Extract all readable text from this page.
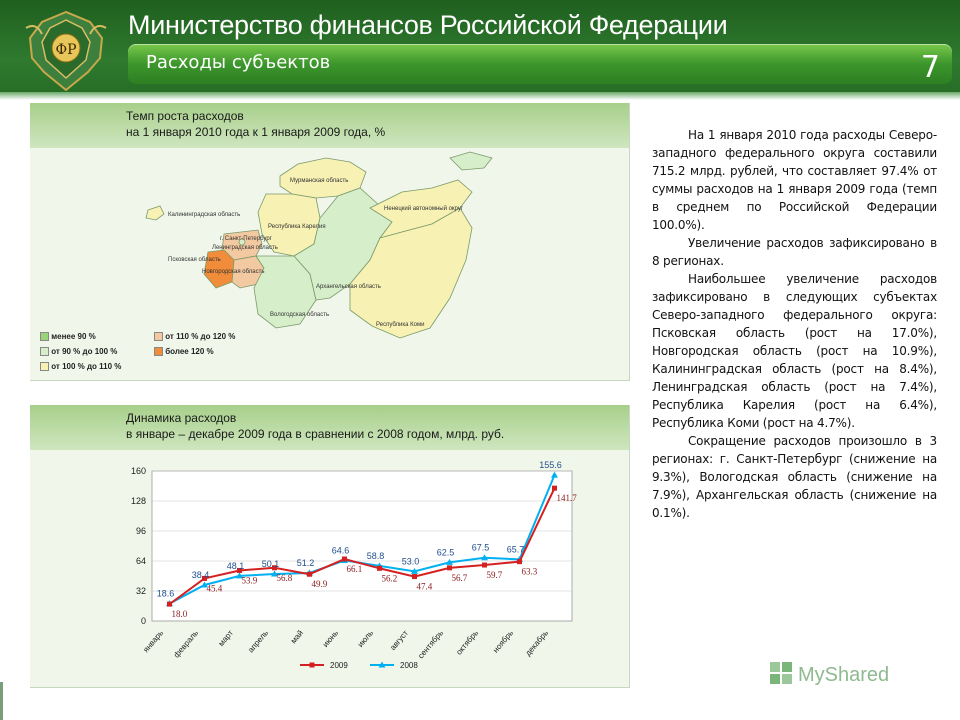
ФР
Министерство финансов Российской Федерации
Расходы субъектов	7
Темп роста расходов
на 1 января 2010 года к 1 января 2009 года, %
Калининградская область
Мурманская область
Республика Карелия
г. Санкт-Петербург
Ленинградская область
Псковская область
Новгородская область
Вологодская область
Архангельская область
Ненецкий автономный округ
Республика Коми
менее 90 %
от 90 % до 100 %
от 100 % до 110 %
от 110 % до 120 %
более 120 %
Динамика расходов
в январе – декабре 2009 года в сравнении с 2008 годом, млрд. руб.
0
32
64
96
128
160
январь февраль март апрель май июнь июль август сентябрь октябрь ноябрь декабрь
18.6
38.4
48.1 50.1 51.2
64.6
58.8
53.0
62.5 67.5 65.7
155.6
18.0
45.4
53.9 56.8
49.9
66.1
56.2
47.4
56.7 59.7 63.3
141.7
2009	2008

На 1 января 2010 года расходы Северо-западного федерального округа составили 715.2 млрд. рублей, что составляет 97.4% от суммы расходов на 1 января 2009 года (темп в среднем по Российской Федерации 100.0%).

Увеличение расходов зафиксировано в 8 регионах.

Наибольшее увеличение расходов зафиксировано в следующих субъектах Северо-западного федерального округа: Псковская область (рост на 17.0%), Новгородская область (рост на 10.9%), Калининградская область (рост на 8.4%), Ленинградская область (рост на 7.4%), Республика Карелия (рост на 6.4%), Республика Коми (рост на 4.7%).

Сокращение расходов произошло в 3 регионах: г. Санкт-Петербург (снижение на 9.3%), Вологодская область (снижение на 7.9%), Архангельская область (снижение на 0.1%).

MyShared
